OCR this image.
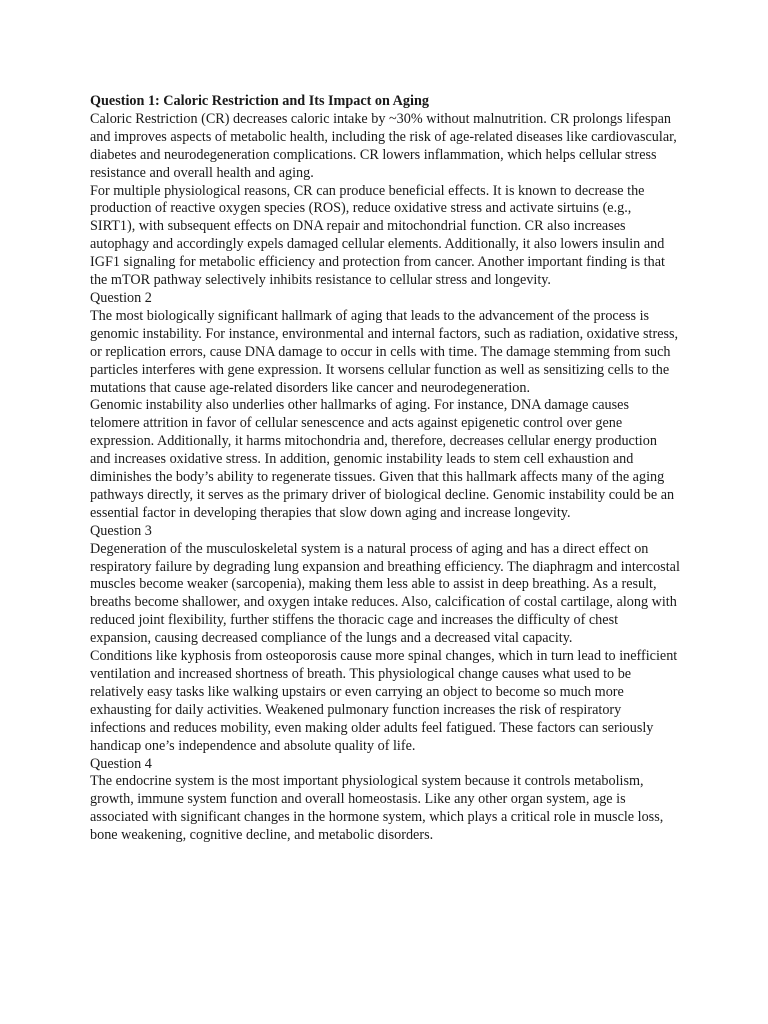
Question 1: Caloric Restriction and Its Impact on Aging

Caloric Restriction (CR) decreases caloric intake by ~30% without malnutrition. CR prolongs lifespan and improves aspects of metabolic health, including the risk of age-related diseases like cardiovascular, diabetes and neurodegeneration complications. CR lowers inflammation, which helps cellular stress resistance and overall health and aging.

For multiple physiological reasons, CR can produce beneficial effects. It is known to decrease the production of reactive oxygen species (ROS), reduce oxidative stress and activate sirtuins (e.g., SIRT1), with subsequent effects on DNA repair and mitochondrial function. CR also increases autophagy and accordingly expels damaged cellular elements. Additionally, it also lowers insulin and IGF1 signaling for metabolic efficiency and protection from cancer. Another important finding is that the mTOR pathway selectively inhibits resistance to cellular stress and longevity.

Question 2

The most biologically significant hallmark of aging that leads to the advancement of the process is genomic instability. For instance, environmental and internal factors, such as radiation, oxidative stress, or replication errors, cause DNA damage to occur in cells with time. The damage stemming from such particles interferes with gene expression. It worsens cellular function as well as sensitizing cells to the mutations that cause age-related disorders like cancer and neurodegeneration.

Genomic instability also underlies other hallmarks of aging. For instance, DNA damage causes telomere attrition in favor of cellular senescence and acts against epigenetic control over gene expression. Additionally, it harms mitochondria and, therefore, decreases cellular energy production and increases oxidative stress. In addition, genomic instability leads to stem cell exhaustion and diminishes the body’s ability to regenerate tissues. Given that this hallmark affects many of the aging pathways directly, it serves as the primary driver of biological decline. Genomic instability could be an essential factor in developing therapies that slow down aging and increase longevity.

Question 3

Degeneration of the musculoskeletal system is a natural process of aging and has a direct effect on respiratory failure by degrading lung expansion and breathing efficiency. The diaphragm and intercostal muscles become weaker (sarcopenia), making them less able to assist in deep breathing. As a result, breaths become shallower, and oxygen intake reduces. Also, calcification of costal cartilage, along with reduced joint flexibility, further stiffens the thoracic cage and increases the difficulty of chest expansion, causing decreased compliance of the lungs and a decreased vital capacity.

Conditions like kyphosis from osteoporosis cause more spinal changes, which in turn lead to inefficient ventilation and increased shortness of breath. This physiological change causes what used to be relatively easy tasks like walking upstairs or even carrying an object to become so much more exhausting for daily activities. Weakened pulmonary function increases the risk of respiratory infections and reduces mobility, even making older adults feel fatigued. These factors can seriously handicap one’s independence and absolute quality of life.

Question 4

The endocrine system is the most important physiological system because it controls metabolism, growth, immune system function and overall homeostasis. Like any other organ system, age is associated with significant changes in the hormone system, which plays a critical role in muscle loss, bone weakening, cognitive decline, and metabolic disorders.
